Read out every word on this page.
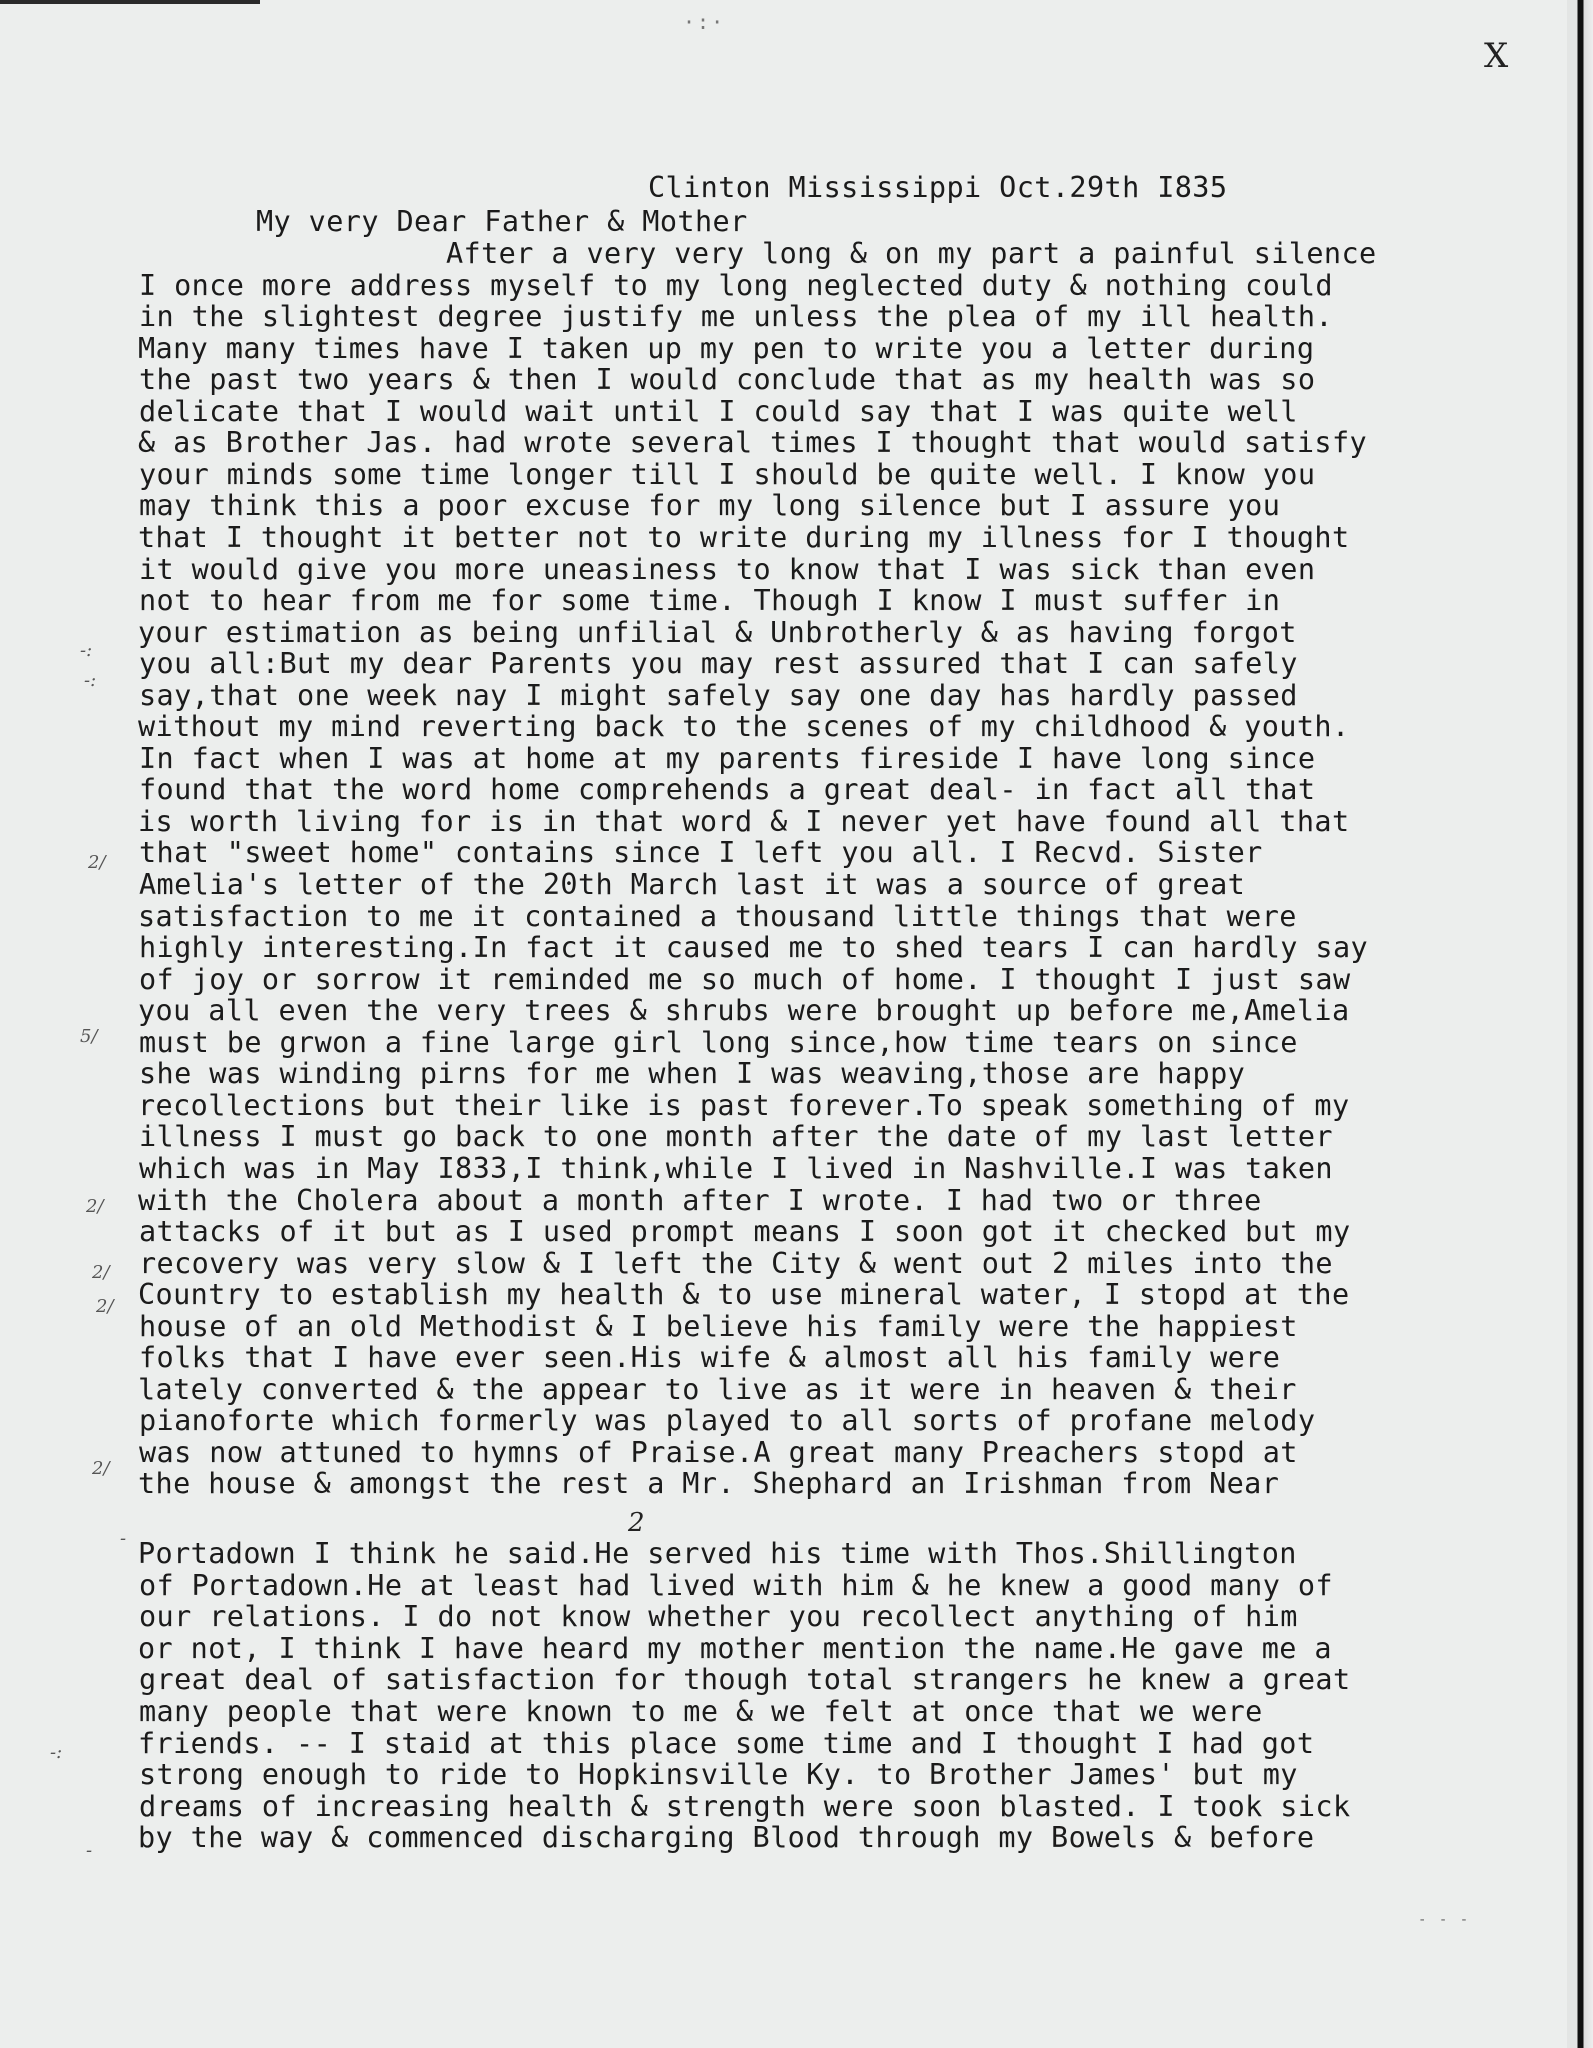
·:·
X
Clinton Mississippi Oct.29th I835
My very Dear Father & Mother
After a very very long & on my part a painful silence
I once more address myself to my long neglected duty & nothing could
in the slightest degree justify me unless the plea of my ill health.
Many many times have I taken up my pen to write you a letter during
the past two years & then I would conclude that as my health was so
delicate that I would wait until I could say that I was quite well
& as Brother Jas. had wrote several times I thought that would satisfy
your minds some time longer till I should be quite well. I know you
may think this a poor excuse for my long silence but I assure you
that I thought it better not to write during my illness for I thought
it would give you more uneasiness to know that I was sick than even
not to hear from me for some time. Though I know I must suffer in
your estimation as being unfilial & Unbrotherly & as having forgot
you all:But my dear Parents you may rest assured that I can safely
say,that one week nay I might safely say one day has hardly passed
without my mind reverting back to the scenes of my childhood & youth.
In fact when I was at home at my parents fireside I have long since
found that the word home comprehends a great deal- in fact all that
is worth living for is in that word & I never yet have found all that
that "sweet home" contains since I left you all. I Recvd. Sister
Amelia's letter of the 20th March last it was a source of great
satisfaction to me it contained a thousand little things that were
highly interesting.In fact it caused me to shed tears I can hardly say
of joy or sorrow it reminded me so much of home. I thought I just saw
you all even the very trees & shrubs were brought up before me,Amelia
must be grwon a fine large girl long since,how time tears on since
she was winding pirns for me when I was weaving,those are happy
recollections but their like is past forever.To speak something of my
illness I must go back to one month after the date of my last letter
which was in May I833,I think,while I lived in Nashville.I was taken
with the Cholera about a month after I wrote. I had two or three
attacks of it but as I used prompt means I soon got it checked but my
recovery was very slow & I left the City & went out 2 miles into the
Country to establish my health & to use mineral water, I stopd at the
house of an old Methodist & I believe his family were the happiest
folks that I have ever seen.His wife & almost all his family were
lately converted & the appear to live as it were in heaven & their
pianoforte which formerly was played to all sorts of profane melody
was now attuned to hymns of Praise.A great many Preachers stopd at
the house & amongst the rest a Mr. Shephard an Irishman from Near
2
Portadown I think he said.He served his time with Thos.Shillington
of Portadown.He at least had lived with him & he knew a good many of
our relations. I do not know whether you recollect anything of him
or not, I think I have heard my mother mention the name.He gave me a
great deal of satisfaction for though total strangers he knew a great
many people that were known to me & we felt at once that we were
friends. -- I staid at this place some time and I thought I had got
strong enough to ride to Hopkinsville Ky. to Brother James' but my
dreams of increasing health & strength were soon blasted. I took sick
by the way & commenced discharging Blood through my Bowels & before
-:
-:
2/
5/
2/
2/
2/
2/
-
-:
-
- - -
